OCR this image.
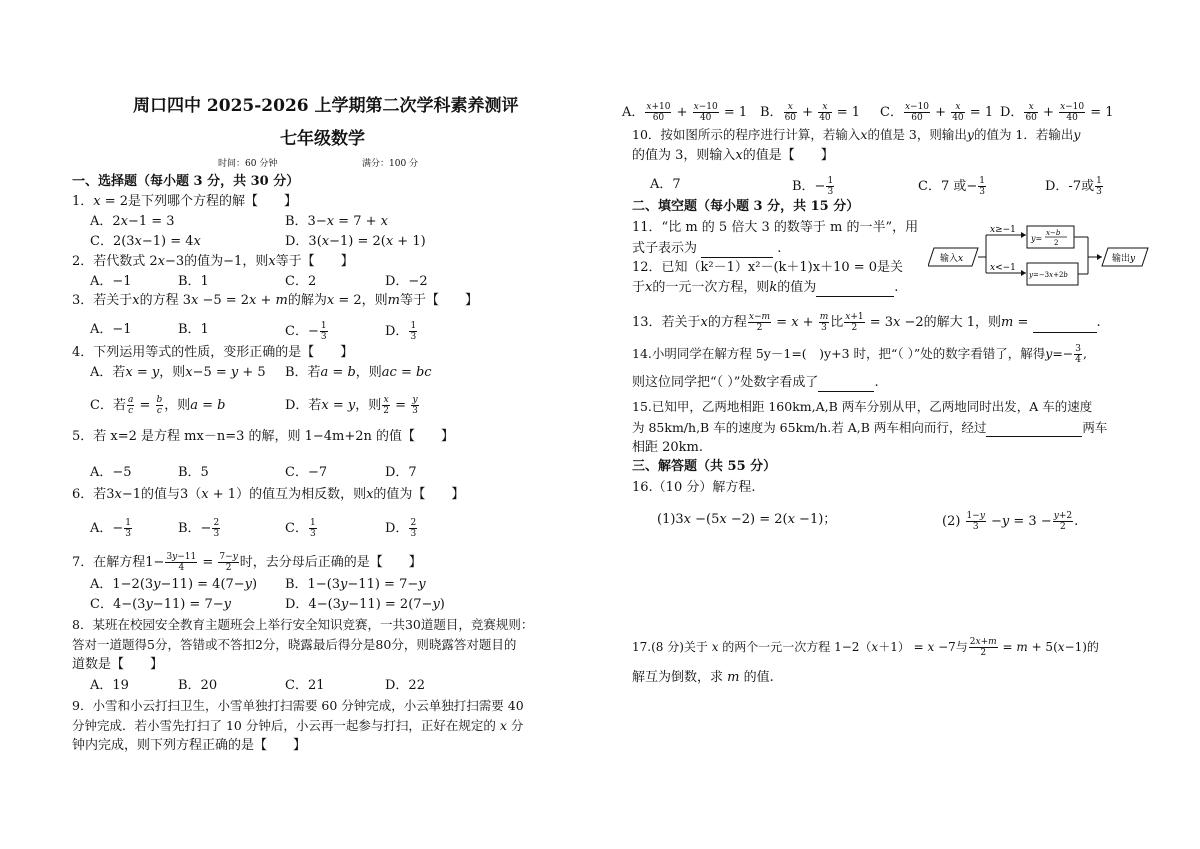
周口四中 2025-2026 上学期第二次学科素养测评
七年级数学
时间：60 分钟	满分：100 分
一、选择题（每小题 3 分，共 30 分）
1．𝑥 = 2是下列哪个方程的解【　　】
A．2𝑥−1 = 3	B．3−𝑥 = 7 + 𝑥
C．2(3𝑥−1) = 4𝑥	D．3(𝑥−1) = 2(𝑥 + 1)
2．若代数式 2𝑥−3的值为−1，则𝑥等于【　　】
A．−1	B．1	C．2	D．−2
3．若关于𝑥的方程 3𝑥 −5 = 2𝑥 + 𝑚的解为𝑥 = 2，则𝑚等于【　　】
A．−1	B．1	C．− $\frac{1}{3}$	D． $\frac{1}{3}$
4．下列运用等式的性质，变形正确的是【　　】
A．若𝑥 = 𝑦，则𝑥−5 = 𝑦 + 5 B．若𝑎 = 𝑏，则𝑎𝑐 = 𝑏𝑐
C．若 $\frac{\text{𝑎}}{\text{𝑐}} = \frac{\text{𝑏}}{\text{𝑐}}$ ，则𝑎 = 𝑏	D．若𝑥 = 𝑦，则 $\frac{\text{𝑥}}{2} = \frac{\text{𝑦}}{3}$
5．若 x=2 是方程 mx－n=3 的解，则 1−4m+2n 的值【　　】
A．−5	B．5	C．−7	D．7
6．若3𝑥−1的值与3（𝑥 + 1）的值互为相反数，则𝑥的值为【　　】
A．− $\frac{1}{3}$	B．− $\frac{2}{3}$	C． $\frac{1}{3}$	D． $\frac{2}{3}$
7．在解方程$1- \frac{\text{3𝑦−11}}{4} = \frac{\text{7−𝑦}}{2}$ 时，去分母后正确的是【　　】
A．1−2(3𝑦−11) = 4(7−𝑦) B．1−(3𝑦−11) = 7−𝑦
C．4−(3𝑦−11) = 7−𝑦	D．4−(3𝑦−11) = 2(7−𝑦)
8．某班在校园安全教育主题班会上举行安全知识竞赛，一共30道题目，竞赛规则：
答对一道题得5分，答错或不答扣2分，晓露最后得分是80分，则晓露答对题目的
道数是【　　】
A．19	B．20	C．21	D．22
9．小雪和小云打扫卫生，小雪单独打扫需要 60 分钟完成，小云单独打扫需要 40
分钟完成．若小雪先打扫了 10 分钟后，小云再一起参与打扫，正好在规定的 𝑥 分
钟内完成，则下列方程正确的是【　　】
A． $\frac{\text{𝑥+10}}{60} + \frac{\text{𝑥−10}}{40} = 1$ B． $\frac{\text{𝑥}}{60} + \frac{\text{𝑥}}{40} = 1$ C． $\frac{\text{𝑥−10}}{60} + \frac{\text{𝑥}}{40} = 1$ D． $\frac{\text{𝑥}}{60} + \frac{\text{𝑥−10}}{40} = 1$
10．按如图所示的程序进行计算，若输入𝑥的值是 3，则输出𝑦的值为 1．若输出𝑦
的值为 3，则输入𝑥的值是【　　】
A．7	B．− $\frac{1}{3}$	C．7 或− $\frac{1}{3}$	D．-7或 $\frac{1}{3}$
二、填空题（每小题 3 分，共 15 分）
11．“比 m 的 5 倍大 3 的数等于 m 的一半”，用
式子表示为	.
12．已知（k²－1）x²－(k＋1)x＋10 = 0是关
于𝑥的一元一次方程，则𝑘的值为	.
输入𝑥
𝑥≥−1
𝑥<−1
𝑦=
𝑥−𝑏
2
𝑦=−3𝑥+2𝑏
输出𝑦
13．若关于𝑥的方程 $\frac{\text{𝑥−𝑚}}{2}$ = 𝑥 + $\frac{\text{𝑚}}{3}$ 比 $\frac{\text{𝑥+1}}{2}$ = 3𝑥 −2的解大 1，则𝑚 =	.
14.小明同学在解方程 5y－1=(　)y+3 时，把“（ ）”处的数字看错了，解得𝑦=− $\frac{3}{4}$ ,
则这位同学把“（ ）”处数字看成了	.
15.已知甲，乙两地相距 160km,A,B 两车分别从甲，乙两地同时出发，A 车的速度
为 85km/h,B 车的速度为 65km/h.若 A,B 两车相向而行，经过	两车
相距 20km.
三、解答题（共 55 分）
16.（10 分）解方程.
(1)3𝑥 −(5𝑥 −2) = 2(𝑥 −1)；	$(2) \frac{\text{1−𝑦}}{3}$ −𝑦 = $3 - \frac{\text{𝑦+2}}{2}$ .
17.(8 分)关于 𝑥 的两个一元一次方程 1−2（𝑥＋1） = 𝑥 −7与 $\frac{\text{2𝑥+𝑚}}{2}$ = 𝑚 + 5(𝑥−1)的
解互为倒数，求 𝑚 的值.
